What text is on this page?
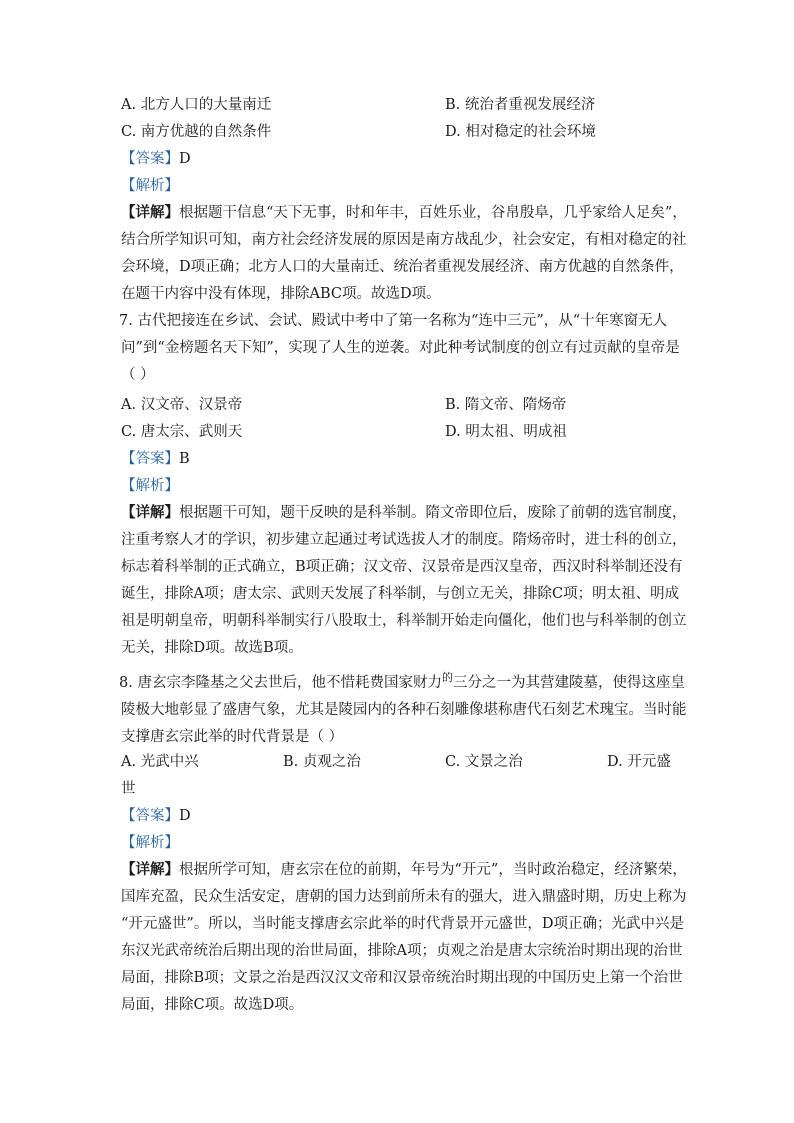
A. 北方人口的大量南迁	B. 统治者重视发展经济
C. 南方优越的自然条件	D. 相对稳定的社会环境
【答案】D
【解析】
【详解】根据题干信息“天下无事，时和年丰，百姓乐业，谷帛殷阜，几乎家给人足矣”，
结合所学知识可知，南方社会经济发展的原因是南方战乱少，社会安定，有相对稳定的社
会环境，D项正确；北方人口的大量南迁、统治者重视发展经济、南方优越的自然条件，
在题干内容中没有体现，排除ABC项。故选D项。
7. 古代把接连在乡试、会试、殿试中考中了第一名称为“连中三元”，从“十年寒窗无人
问”到“金榜题名天下知”，实现了人生的逆袭。对此种考试制度的创立有过贡献的皇帝是
（ ）
A. 汉文帝、汉景帝	B. 隋文帝、隋炀帝
C. 唐太宗、武则天	D. 明太祖、明成祖
【答案】B
【解析】
【详解】根据题干可知，题干反映的是科举制。隋文帝即位后，废除了前朝的选官制度，
注重考察人才的学识，初步建立起通过考试选拔人才的制度。隋炀帝时，进士科的创立，
标志着科举制的正式确立，B项正确；汉文帝、汉景帝是西汉皇帝，西汉时科举制还没有
诞生，排除A项；唐太宗、武则天发展了科举制，与创立无关，排除C项；明太祖、明成
祖是明朝皇帝，明朝科举制实行八股取士，科举制开始走向僵化，他们也与科举制的创立
无关，排除D项。故选B项。
8. 唐玄宗李隆基之父去世后，他不惜耗费国家财力$^的$三分之一为其营建陵墓，使得这座皇
陵极大地彰显了盛唐气象，尤其是陵园内的各种石刻雕像堪称唐代石刻艺术瑰宝。当时能
支撑唐玄宗此举的时代背景是（ ）
A. 光武中兴	B. 贞观之治	C. 文景之治	D. 开元盛
世
【答案】D
【解析】
【详解】根据所学可知，唐玄宗在位的前期，年号为“开元”，当时政治稳定，经济繁荣，
国库充盈，民众生活安定，唐朝的国力达到前所未有的强大，进入鼎盛时期，历史上称为
“开元盛世”。所以，当时能支撑唐玄宗此举的时代背景开元盛世，D项正确；光武中兴是
东汉光武帝统治后期出现的治世局面，排除A项；贞观之治是唐太宗统治时期出现的治世
局面，排除B项；文景之治是西汉汉文帝和汉景帝统治时期出现的中国历史上第一个治世
局面，排除C项。故选D项。
